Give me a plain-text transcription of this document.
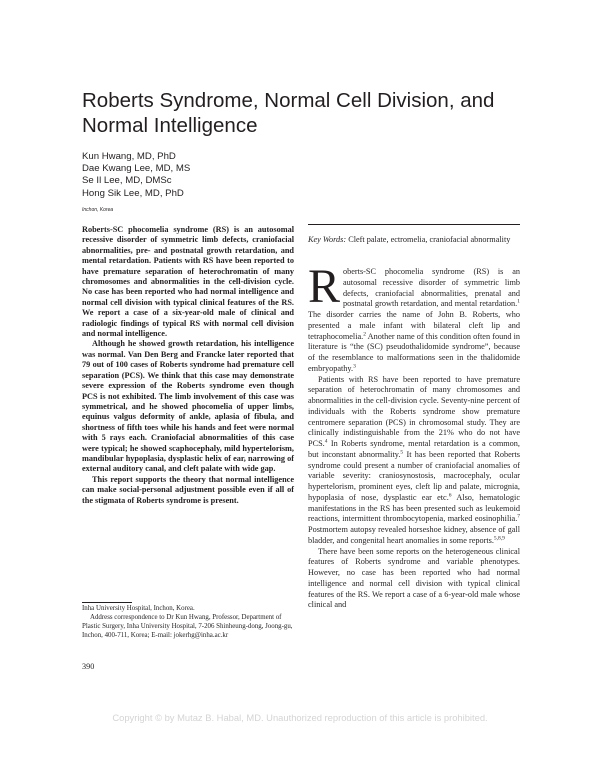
Roberts Syndrome, Normal Cell Division, and Normal Intelligence
Kun Hwang, MD, PhD
Dae Kwang Lee, MD, MS
Se Il Lee, MD, DMSc
Hong Sik Lee, MD, PhD
Inchon, Korea

Roberts-SC phocomelia syndrome (RS) is an autosomal recessive disorder of symmetric limb defects, craniofacial abnormalities, pre- and postnatal growth retardation, and mental retardation. Patients with RS have been reported to have premature separation of heterochromatin of many chromosomes and abnormalities in the cell-division cycle. No case has been reported who had normal intelligence and normal cell division with typical clinical features of the RS. We report a case of a six-year-old male of clinical and radiologic findings of typical RS with normal cell division and normal intelligence.

Although he showed growth retardation, his intelligence was normal. Van Den Berg and Francke later reported that 79 out of 100 cases of Roberts syndrome had premature cell separation (PCS). We think that this case may demonstrate severe expression of the Roberts syndrome even though PCS is not exhibited. The limb involvement of this case was symmetrical, and he showed phocomelia of upper limbs, equinus valgus deformity of ankle, aplasia of fibula, and shortness of fifth toes while his hands and feet were normal with 5 rays each. Craniofacial abnormalities of this case were typical; he showed scaphocephaly, mild hypertelorism, mandibular hypoplasia, dysplastic helix of ear, narrowing of external auditory canal, and cleft palate with wide gap.

This report supports the theory that normal intelligence can make social-personal adjustment possible even if all of the stigmata of Roberts syndrome is present.

Key Words: Cleft palate, ectromelia, craniofacial abnormality

Roberts-SC phocomelia syndrome (RS) is an autosomal recessive disorder of symmetric limb defects, craniofacial abnormalities, prenatal and postnatal growth retardation, and mental retardation.$^1$ The disorder carries the name of John B. Roberts, who presented a male infant with bilateral cleft lip and tetraphocomelia.$^2$ Another name of this condition often found in literature is “the (SC) pseudothalidomide syndrome”, because of the resemblance to malformations seen in the thalidomide embryopathy.$^3$

Patients with RS have been reported to have premature separation of heterochromatin of many chromosomes and abnormalities in the cell-division cycle. Seventy-nine percent of individuals with the Roberts syndrome show premature centromere separation (PCS) in chromosomal study. They are clinically indistinguishable from the 21% who do not have PCS.$^4$ In Roberts syndrome, mental retardation is a common, but inconstant abnormality.$^5$ It has been reported that Roberts syndrome could present a number of craniofacial anomalies of variable severity: craniosynostosis, macrocephaly, ocular hypertelorism, prominent eyes, cleft lip and palate, micrognia, hypoplasia of nose, dysplastic ear etc.$^6$ Also, hematologic manifestations in the RS has been presented such as leukemoid reactions, intermittent thrombocytopenia, marked eosinophilia.$^7$ Postmortem autopsy revealed horseshoe kidney, absence of gall bladder, and congenital heart anomalies in some reports.$^{5,8,9}$

There have been some reports on the heterogeneous clinical features of Roberts syndrome and variable phenotypes. However, no case has been reported who had normal intelligence and normal cell division with typical clinical features of the RS. We report a case of a 6-year-old male whose clinical and

Inha University Hospital, Inchon, Korea.

Address correspondence to Dr Kun Hwang, Professor, Department of Plastic Surgery, Inha University Hospital, 7-206 Shinheung-dong, Joong-gu, Inchon, 400-711, Korea; E-mail: jokerhg@inha.ac.kr

390
Copyright © by Mutaz B. Habal, MD. Unauthorized reproduction of this article is prohibited.
